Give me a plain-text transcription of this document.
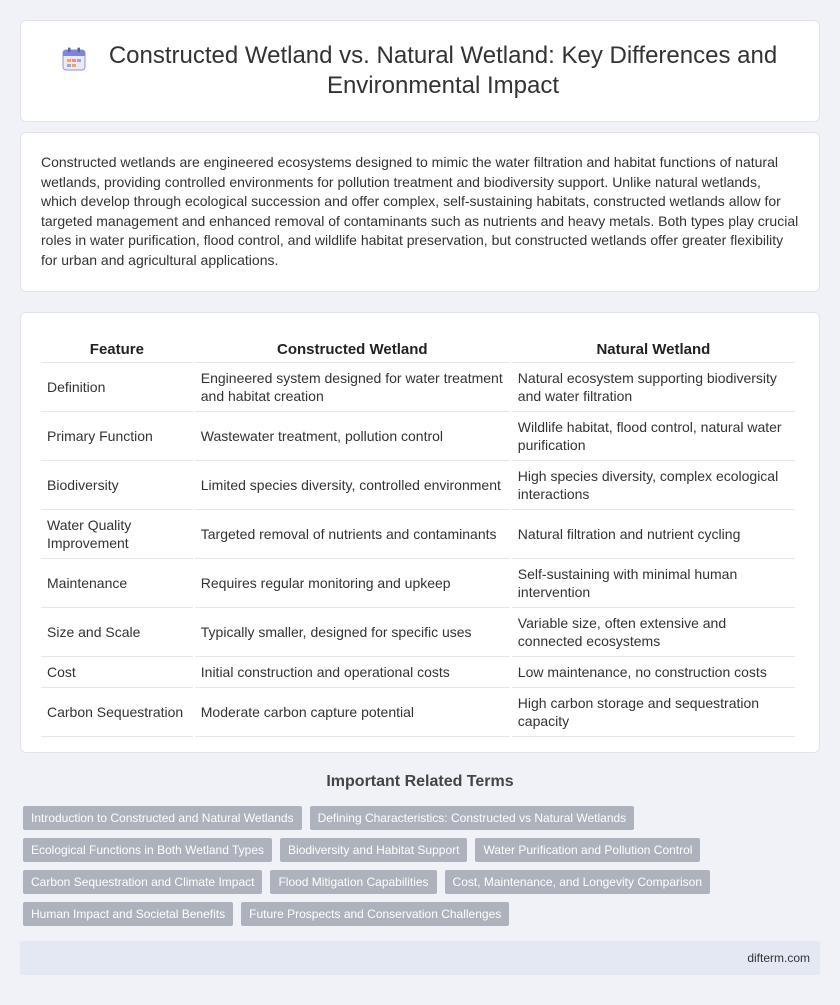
Constructed Wetland vs. Natural Wetland: Key Differences and Environmental Impact

Constructed wetlands are engineered ecosystems designed to mimic the water filtration and habitat functions of natural wetlands, providing controlled environments for pollution treatment and biodiversity support. Unlike natural wetlands, which develop through ecological succession and offer complex, self-sustaining habitats, constructed wetlands allow for targeted management and enhanced removal of contaminants such as nutrients and heavy metals. Both types play crucial roles in water purification, flood control, and wildlife habitat preservation, but constructed wetlands offer greater flexibility for urban and agricultural applications.

Feature	Constructed Wetland	Natural Wetland
Definition	Engineered system designed for water treatment and habitat creation	Natural ecosystem supporting biodiversity and water filtration
Primary Function	Wastewater treatment, pollution control	Wildlife habitat, flood control, natural water purification
Biodiversity	Limited species diversity, controlled environment	High species diversity, complex ecological interactions
Water Quality Improvement	Targeted removal of nutrients and contaminants	Natural filtration and nutrient cycling
Maintenance	Requires regular monitoring and upkeep	Self-sustaining with minimal human intervention
Size and Scale	Typically smaller, designed for specific uses	Variable size, often extensive and connected ecosystems
Cost	Initial construction and operational costs	Low maintenance, no construction costs
Carbon Sequestration	Moderate carbon capture potential	High carbon storage and sequestration capacity
Important Related Terms
Introduction to Constructed and Natural Wetlands	Defining Characteristics: Constructed vs Natural Wetlands
Ecological Functions in Both Wetland Types	Biodiversity and Habitat Support	Water Purification and Pollution Control
Carbon Sequestration and Climate Impact	Flood Mitigation Capabilities	Cost, Maintenance, and Longevity Comparison
Human Impact and Societal Benefits	Future Prospects and Conservation Challenges
difterm.com
